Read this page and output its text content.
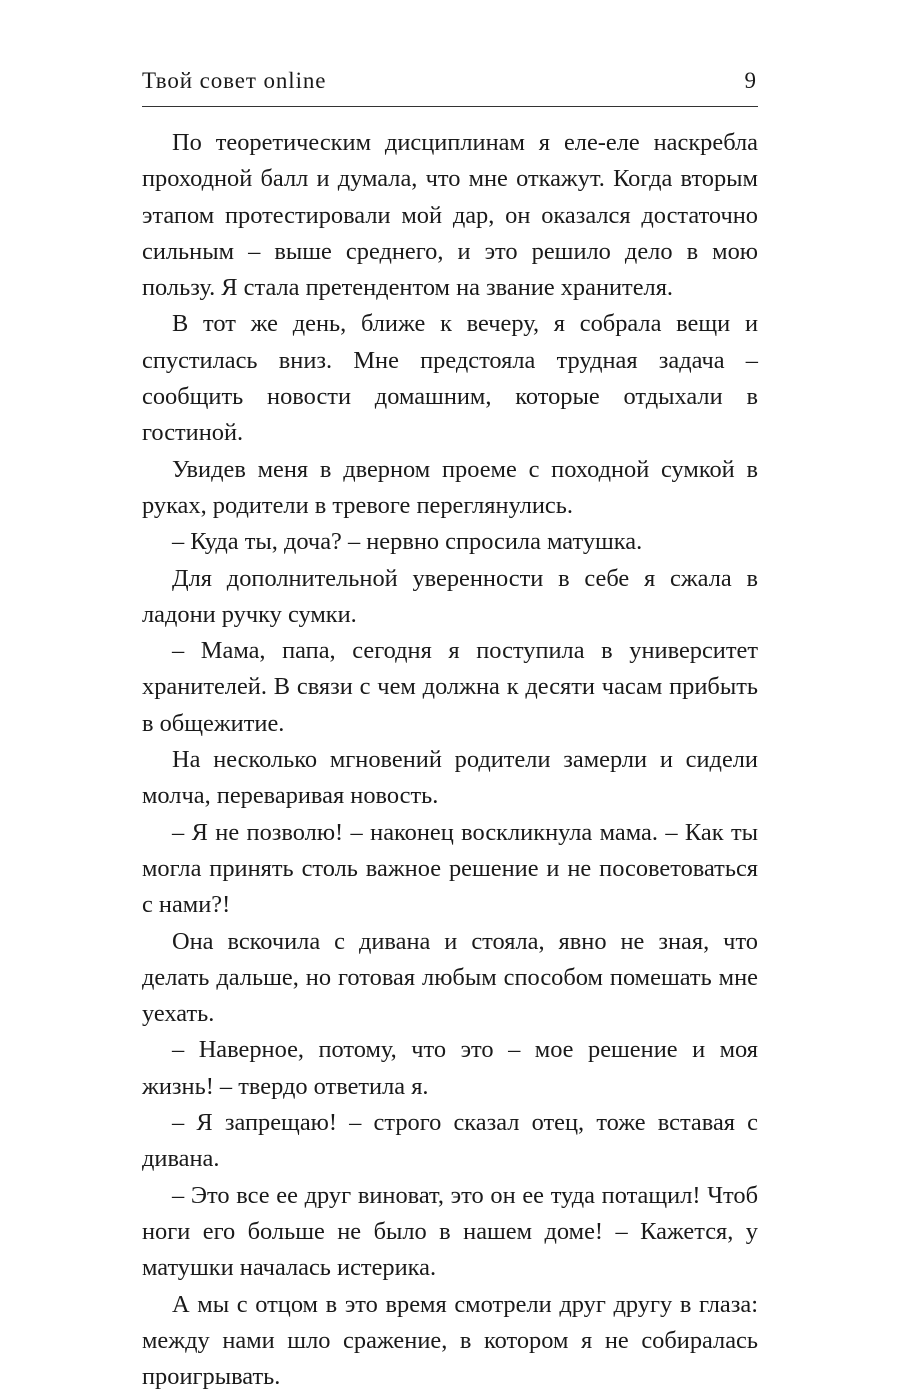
Твой совет online	9

По теоретическим дисциплинам я еле-еле наскребла проходной балл и думала, что мне откажут. Когда вторым этапом протестировали мой дар, он оказался достаточно сильным – выше среднего, и это решило дело в мою пользу. Я стала претендентом на звание хранителя.

В тот же день, ближе к вечеру, я собрала вещи и спустилась вниз. Мне предстояла трудная задача – сообщить новости домашним, которые отдыхали в гостиной.

Увидев меня в дверном проеме с походной сумкой в руках, родители в тревоге переглянулись.

– Куда ты, доча? – нервно спросила матушка.

Для дополнительной уверенности в себе я сжала в ладони ручку сумки.

– Мама, папа, сегодня я поступила в университет хранителей. В связи с чем должна к десяти часам прибыть в общежитие.

На несколько мгновений родители замерли и сидели молча, переваривая новость.

– Я не позволю! – наконец воскликнула мама. – Как ты могла принять столь важное решение и не посоветоваться с нами?!

Она вскочила с дивана и стояла, явно не зная, что делать дальше, но готовая любым способом помешать мне уехать.

– Наверное, потому, что это – мое решение и моя жизнь! – твердо ответила я.

– Я запрещаю! – строго сказал отец, тоже вставая с дивана.

– Это все ее друг виноват, это он ее туда потащил! Чтоб ноги его больше не было в нашем доме! – Кажется, у матушки началась истерика.

А мы с отцом в это время смотрели друг другу в глаза: между нами шло сражение, в котором я не собиралась проигрывать.
